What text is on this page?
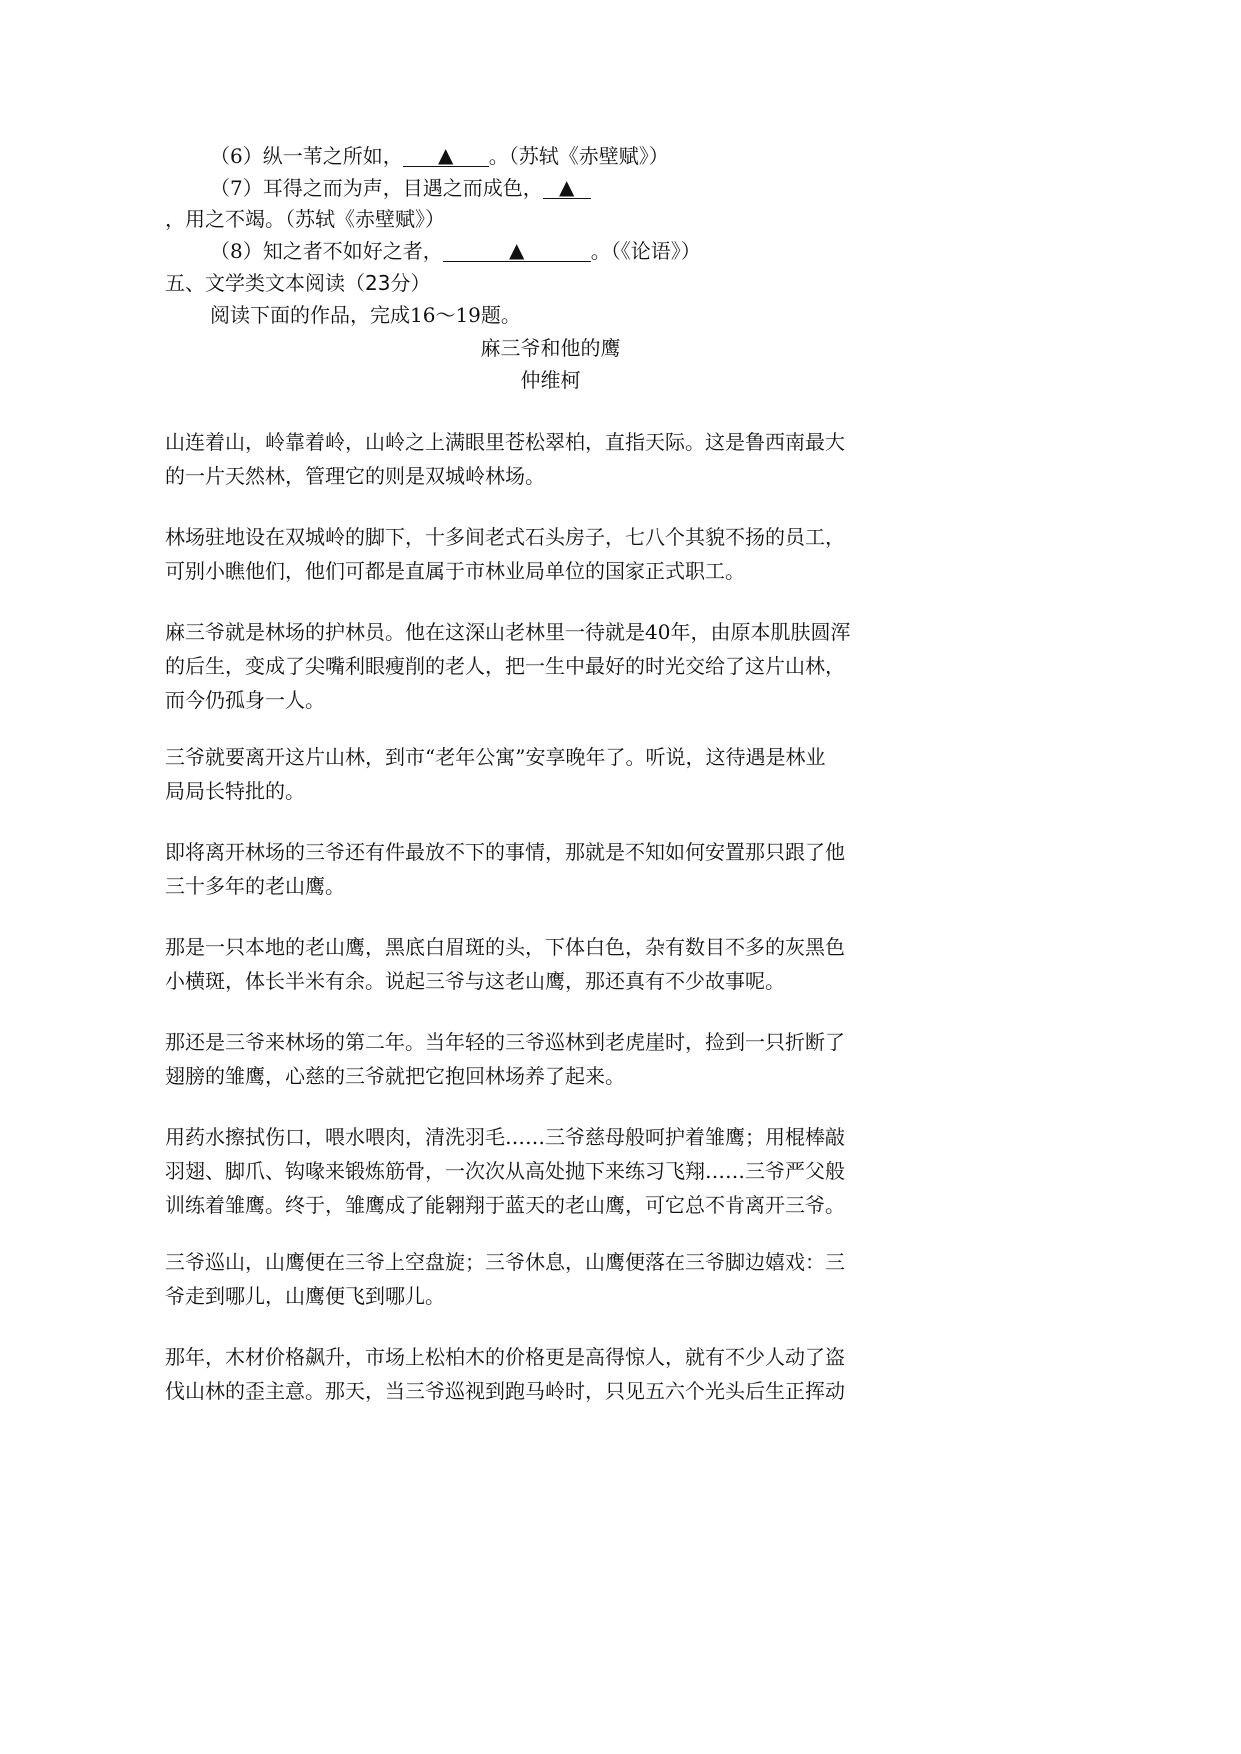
（6）纵一苇之所如， ▲ 。（苏轼《赤壁赋》）
（7）耳得之而为声，目遇之而成色， ▲
，用之不竭。（苏轼《赤壁赋》）
（8）知之者不如好之者，	▲	。（《论语》）
五、文学类文本阅读（23分）
阅读下面的作品，完成16～19题。
麻三爷和他的鹰
仲维柯
山连着山，岭靠着岭，山岭之上满眼里苍松翠柏，直指天际。这是鲁西南最大
的一片天然林，管理它的则是双城岭林场。
林场驻地设在双城岭的脚下，十多间老式石头房子，七八个其貌不扬的员工，
可别小瞧他们，他们可都是直属于市林业局单位的国家正式职工。
麻三爷就是林场的护林员。他在这深山老林里一待就是40年，由原本肌肤圆浑
的后生，变成了尖嘴利眼瘦削的老人，把一生中最好的时光交给了这片山林，
而今仍孤身一人。
三爷就要离开这片山林，到市“老年公寓”安享晚年了。听说，这待遇是林业
局局长特批的。
即将离开林场的三爷还有件最放不下的事情，那就是不知如何安置那只跟了他
三十多年的老山鹰。
那是一只本地的老山鹰，黑底白眉斑的头，下体白色，杂有数目不多的灰黑色
小横斑，体长半米有余。说起三爷与这老山鹰，那还真有不少故事呢。
那还是三爷来林场的第二年。当年轻的三爷巡林到老虎崖时，捡到一只折断了
翅膀的雏鹰，心慈的三爷就把它抱回林场养了起来。
用药水擦拭伤口，喂水喂肉，清洗羽毛……三爷慈母般呵护着雏鹰；用棍棒敲
羽翅、脚爪、钩喙来锻炼筋骨，一次次从高处抛下来练习飞翔……三爷严父般
训练着雏鹰。终于，雏鹰成了能翱翔于蓝天的老山鹰，可它总不肯离开三爷。
三爷巡山，山鹰便在三爷上空盘旋；三爷休息，山鹰便落在三爷脚边嬉戏：三
爷走到哪儿，山鹰便飞到哪儿。
那年，木材价格飙升，市场上松柏木的价格更是高得惊人，就有不少人动了盗
伐山林的歪主意。那天，当三爷巡视到跑马岭时，只见五六个光头后生正挥动
